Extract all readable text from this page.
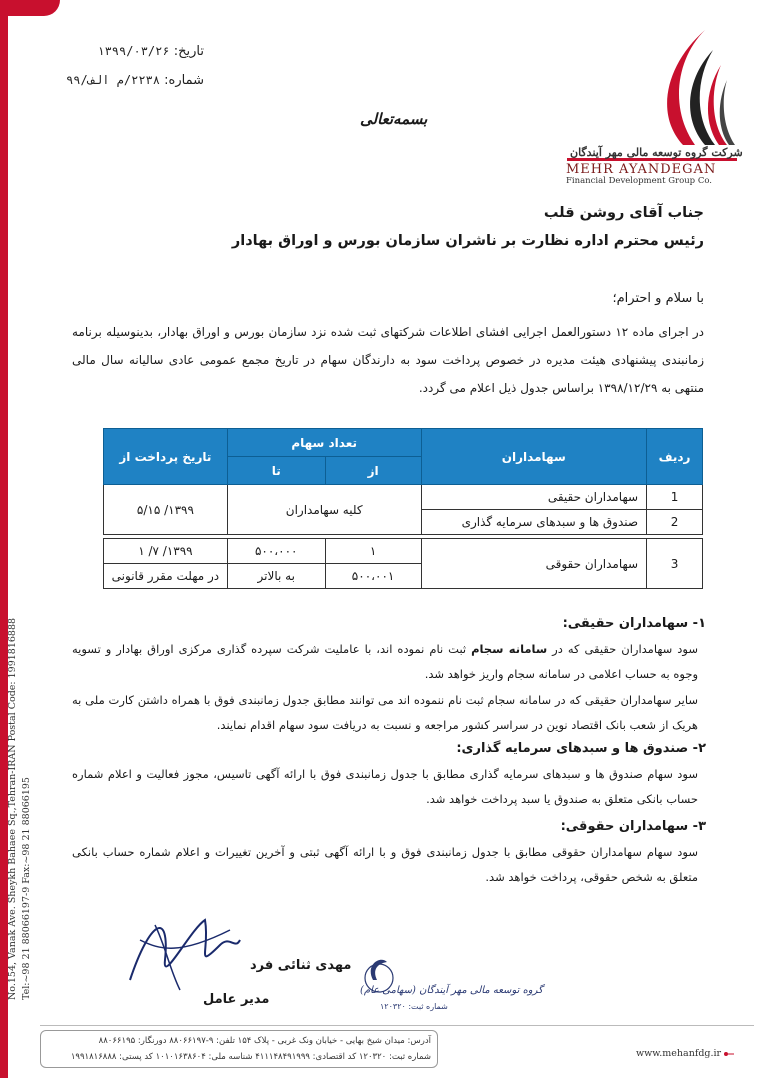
No.154, Vanak Ave. Sheykh Bahaee Sq.,Tehran-IRAN Postal Code: 1991816888 Tel:~98 21 88066197-9 Fax:~98 21 88066195
تاریخ: ۱۳۹۹/۰۳/۲۶
شماره: ۲۲۳۸/م الف/۹۹
شرکت گروه توسعه مالی مهر آیندگان
MEHR AYANDEGAN
Financial Development Group Co.
بسمه‌تعالی
جناب آقای روشن قلب
رئیس محترم اداره نظارت بر ناشران سازمان بورس و اوراق بهادار
با سلام و احترام؛
در اجرای ماده ۱۲ دستورالعمل اجرایی افشای اطلاعات شرکتهای ثبت شده نزد سازمان بورس و اوراق بهادار، بدینوسیله برنامه زمانبندی پیشنهادی هیئت مدیره در خصوص پرداخت سود به دارندگان سهام در تاریخ مجمع عمومی عادی سالیانه سال مالی منتهی به ۱۳۹۸/۱۲/۲۹ براساس جدول ذیل اعلام می گردد.
ردیف	سهامداران	تعداد سهام		تاریخ پرداخت از
		از	تا	
1	سهامداران حقیقی	کلیه سهامداران		۱۳۹۹/ ۵/۱۵
2	صندوق ها و سبدهای سرمایه گذاری			

3	سهامداران حقوقی	۱	۵۰۰،۰۰۰	۱۳۹۹/ ۷/ ۱
		۵۰۰،۰۰۱	به بالاتر	در مهلت مقرر قانونی
۱- سهامداران حقیقی:
سود سهامداران حقیقی که در سامانه سجام ثبت نام نموده اند، با عاملیت شرکت سپرده گذاری مرکزی اوراق بهادار و تسویه وجوه به حساب اعلامی در سامانه سجام واریز خواهد شد.
سایر سهامداران حقیقی که در سامانه سجام ثبت نام ننموده اند می توانند مطابق جدول زمانبندی فوق با همراه داشتن کارت ملی به هریک از شعب بانک اقتصاد نوین در سراسر کشور مراجعه و نسبت به دریافت سود سهام اقدام نمایند.
۲- صندوق ها و سبدهای سرمایه گذاری:
سود سهام صندوق ها و سبدهای سرمایه گذاری مطابق با جدول زمانبندی فوق با ارائه آگهی تاسیس، مجوز فعالیت و اعلام شماره حساب بانکی متعلق به صندوق یا سبد پرداخت خواهد شد.
۳- سهامداران حقوقی:
سود سهام سهامداران حقوقی مطابق با جدول زمانبندی فوق و با ارائه آگهی ثبتی و آخرین تغییرات و اعلام شماره حساب بانکی متعلق به شخص حقوقی، پرداخت خواهد شد.
مهدی ثنائی فرد
مدیر عامل
گروه توسعه مالی مهر آیندگان (سهامی عام)
شماره ثبت: ۱۲۰۳۲۰
آدرس: میدان شیخ بهایی - خیابان ونک غربی - پلاک ۱۵۴ تلفن: ۹-۸۸۰۶۶۱۹۷ دورنگار: ۸۸۰۶۶۱۹۵
شماره ثبت: ۱۲۰۳۲۰ کد اقتصادی: ۴۱۱۱۴۸۴۹۱۹۹۹ شناسه ملی: ۱۰۱۰۱۶۳۸۶۰۴ کد پستی: ۱۹۹۱۸۱۶۸۸۸	www.mehanfdg.ir
